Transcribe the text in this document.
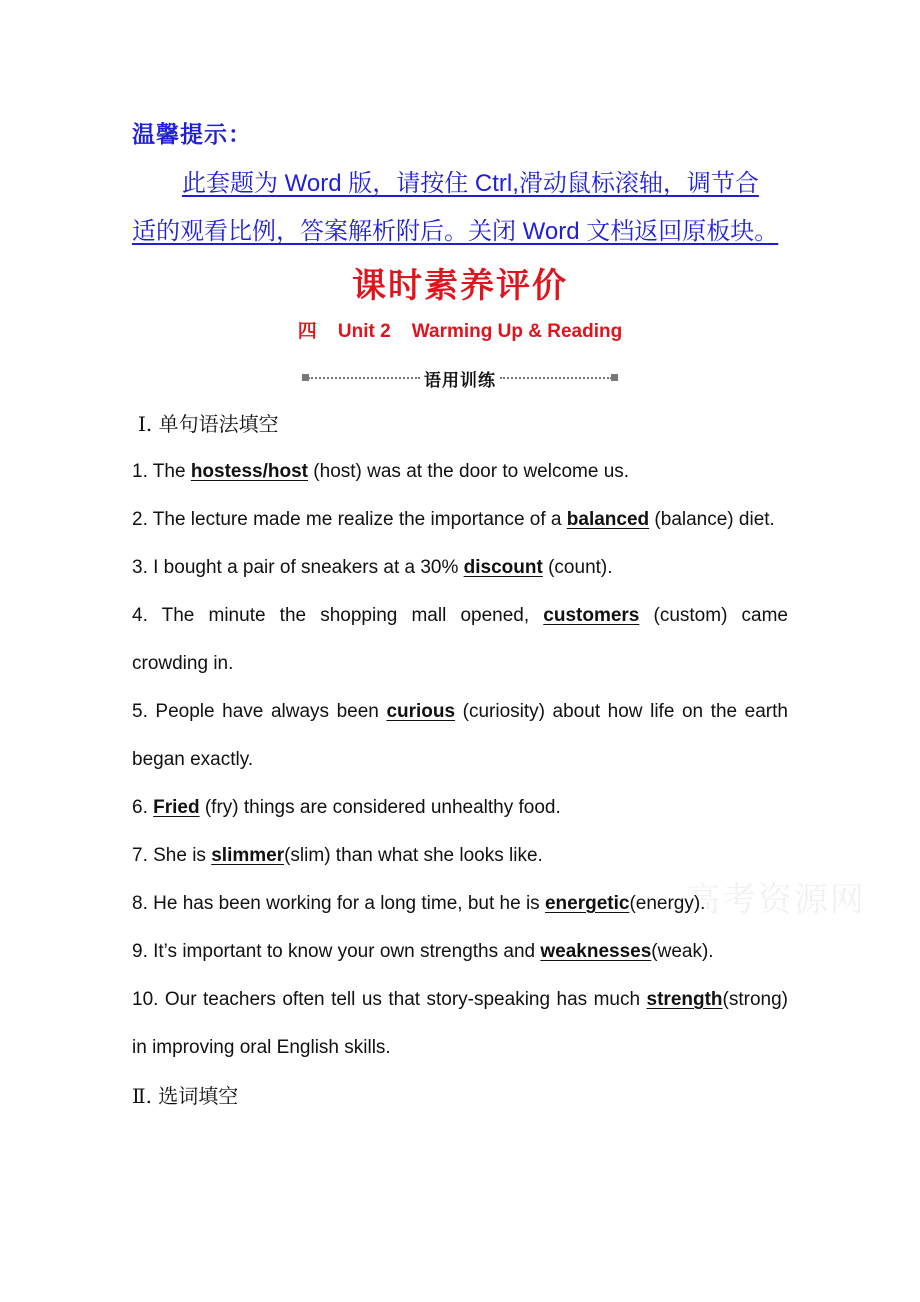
温馨提示：
此套题为 Word 版，请按住 Ctrl,滑动鼠标滚轴，调节合
适的观看比例，答案解析附后。关闭 Word 文档返回原板块。
课时素养评价
四    Unit 2    Warming Up & Reading
语用训练
Ⅰ. 单句语法填空
1. The hostess/host (host) was at the door to welcome us.
2. The lecture made me realize the importance of a balanced (balance) diet.
3. I bought a pair of sneakers at a 30% discount (count).
4. The minute the shopping mall opened, customers (custom) came crowding in.
5. People have always been curious (curiosity) about how life on the earth began exactly.
6. Fried (fry) things are considered unhealthy food.
7. She is slimmer(slim) than what she looks like.
8. He has been working for a long time, but he is energetic(energy).
9. It’s important to know your own strengths and weaknesses(weak).
10. Our teachers often tell us that story-speaking has much strength(strong) in improving oral English skills.
Ⅱ. 选词填空
高考资源网
